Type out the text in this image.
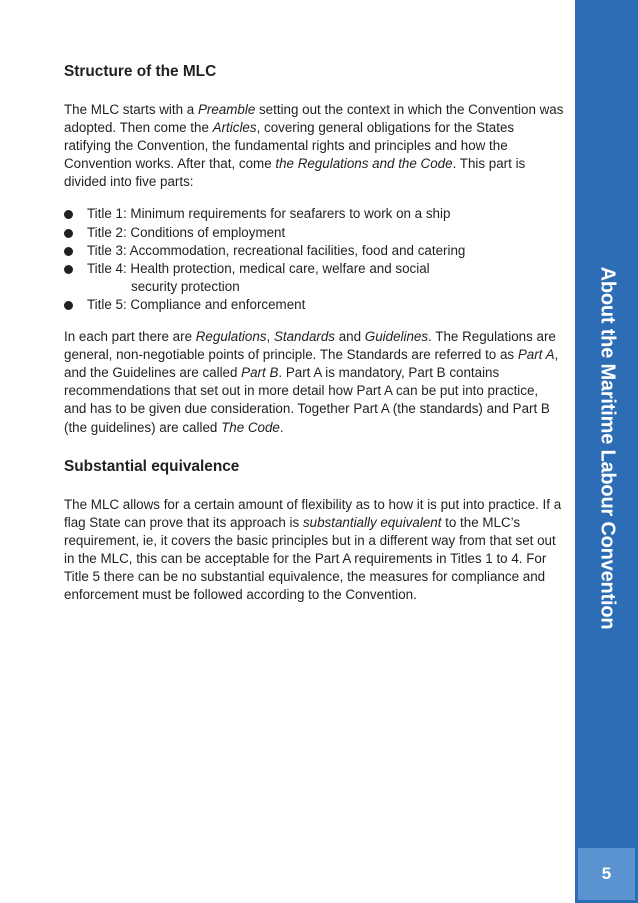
Structure of the MLC

The MLC starts with a Preamble setting out the context in which the Convention was adopted. Then come the Articles, covering general obligations for the States ratifying the Convention, the fundamental rights and principles and how the Convention works. After that, come the Regulations and the Code. This part is divided into five parts:

Title 1: Minimum requirements for seafarers to work on a ship
Title 2: Conditions of employment
Title 3: Accommodation, recreational facilities, food and catering
Title 4: Health protection, medical care, welfare and social
security protection
Title 5: Compliance and enforcement

In each part there are Regulations, Standards and Guidelines. The Regulations are general, non-negotiable points of principle. The Standards are referred to as Part A, and the Guidelines are called Part B. Part A is mandatory, Part B contains recommendations that set out in more detail how Part A can be put into practice, and has to be given due consideration. Together Part A (the standards) and Part B (the guidelines) are called The Code.

Substantial equivalence

The MLC allows for a certain amount of flexibility as to how it is put into practice. If a flag State can prove that its approach is substantially equivalent to the MLC’s requirement, ie, it covers the basic principles but in a different way from that set out in the MLC, this can be acceptable for the Part A requirements in Titles 1 to 4. For Title 5 there can be no substantial equivalence, the measures for compliance and enforcement must be followed according to the Convention.	About the Maritime Labour Convention
5
